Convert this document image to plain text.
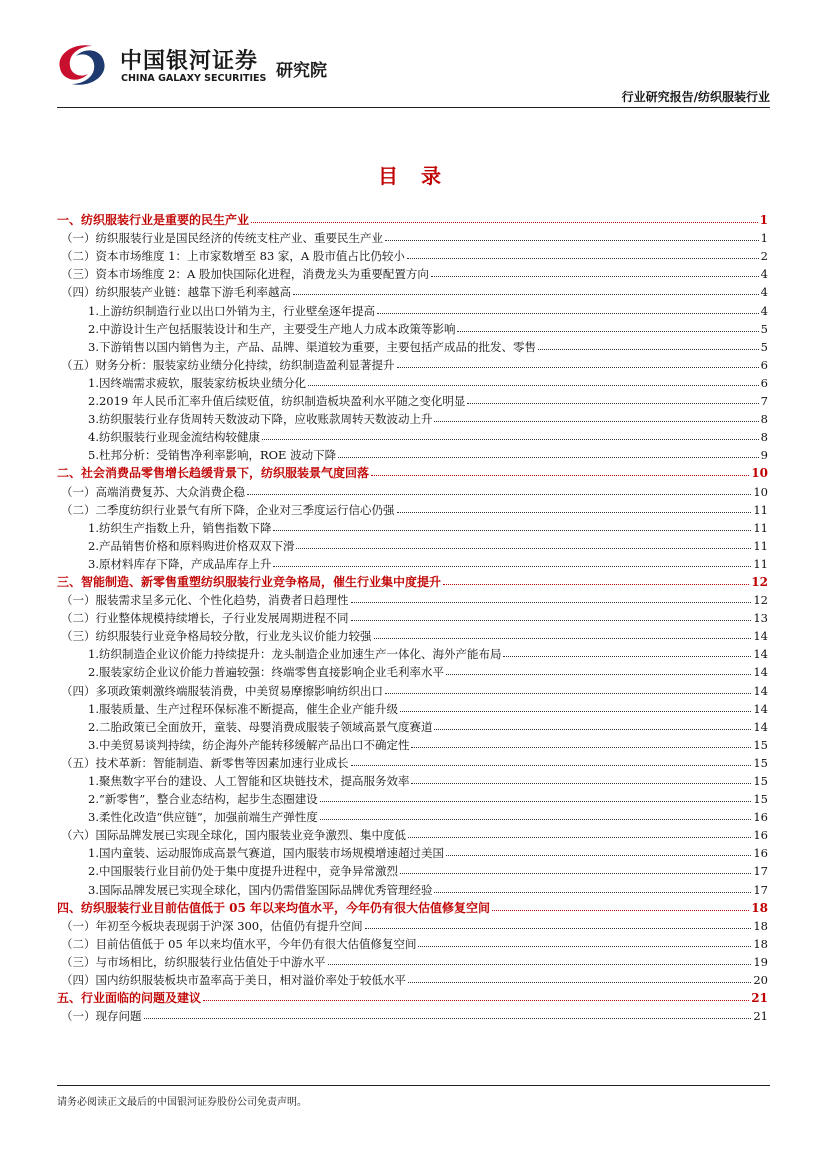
中国银河证券
CHINA GALAXY SECURITIES 研究院
行业研究报告/纺织服装行业
目 录
一、纺织服装行业是重要的民生产业	1
（一）纺织服装行业是国民经济的传统支柱产业、重要民生产业	1
（二）资本市场维度 1：上市家数增至 83 家，A 股市值占比仍较小	2
（三）资本市场维度 2：A 股加快国际化进程，消费龙头为重要配置方向	4
（四）纺织服装产业链：越靠下游毛利率越高	4
1.上游纺织制造行业以出口外销为主，行业壁垒逐年提高	4
2.中游设计生产包括服装设计和生产，主要受生产地人力成本政策等影响	5
3.下游销售以国内销售为主，产品、品牌、渠道较为重要，主要包括产成品的批发、零售	5
（五）财务分析：服装家纺业绩分化持续，纺织制造盈利显著提升	6
1.因终端需求疲软，服装家纺板块业绩分化	6
2.2019 年人民币汇率升值后续贬值，纺织制造板块盈利水平随之变化明显	7
3.纺织服装行业存货周转天数波动下降，应收账款周转天数波动上升	8
4.纺织服装行业现金流结构较健康	8
5.杜邦分析：受销售净利率影响，ROE 波动下降	9
二、社会消费品零售增长趋缓背景下，纺织服装景气度回落	10
（一）高端消费复苏、大众消费企稳	10
（二）二季度纺织行业景气有所下降，企业对三季度运行信心仍强	11
1.纺织生产指数上升，销售指数下降	11
2.产品销售价格和原料购进价格双双下滑	11
3.原材料库存下降，产成品库存上升	11
三、智能制造、新零售重塑纺织服装行业竞争格局，催生行业集中度提升	12
（一）服装需求呈多元化、个性化趋势，消费者日趋理性	12
（二）行业整体规模持续增长，子行业发展周期进程不同	13
（三）纺织服装行业竞争格局较分散，行业龙头议价能力较强	14
1.纺织制造企业议价能力持续提升：龙头制造企业加速生产一体化、海外产能布局	14
2.服装家纺企业议价能力普遍较强：终端零售直接影响企业毛利率水平	14
（四）多项政策刺激终端服装消费，中美贸易摩擦影响纺织出口	14
1.服装质量、生产过程环保标准不断提高，催生企业产能升级	14
2.二胎政策已全面放开，童装、母婴消费成服装子领域高景气度赛道	14
3.中美贸易谈判持续，纺企海外产能转移缓解产品出口不确定性	15
（五）技术革新：智能制造、新零售等因素加速行业成长	15
1.聚焦数字平台的建设、人工智能和区块链技术，提高服务效率	15
2.“新零售”，整合业态结构，起步生态圈建设	15
3.柔性化改造“供应链”，加强前端生产弹性度	16
（六）国际品牌发展已实现全球化，国内服装业竞争激烈、集中度低	16
1.国内童装、运动服饰成高景气赛道，国内服装市场规模增速超过美国	16
2.中国服装行业目前仍处于集中度提升进程中，竞争异常激烈	17
3.国际品牌发展已实现全球化，国内仍需借鉴国际品牌优秀管理经验	17
四、纺织服装行业目前估值低于 05 年以来均值水平，今年仍有很大估值修复空间	18
（一）年初至今板块表现弱于沪深 300，估值仍有提升空间	18
（二）目前估值低于 05 年以来均值水平，今年仍有很大估值修复空间	18
（三）与市场相比，纺织服装行业估值处于中游水平	19
（四）国内纺织服装板块市盈率高于美日，相对溢价率处于较低水平	20
五、行业面临的问题及建议	21
（一）现存问题	21
请务必阅读正文最后的中国银河证券股份公司免责声明。
